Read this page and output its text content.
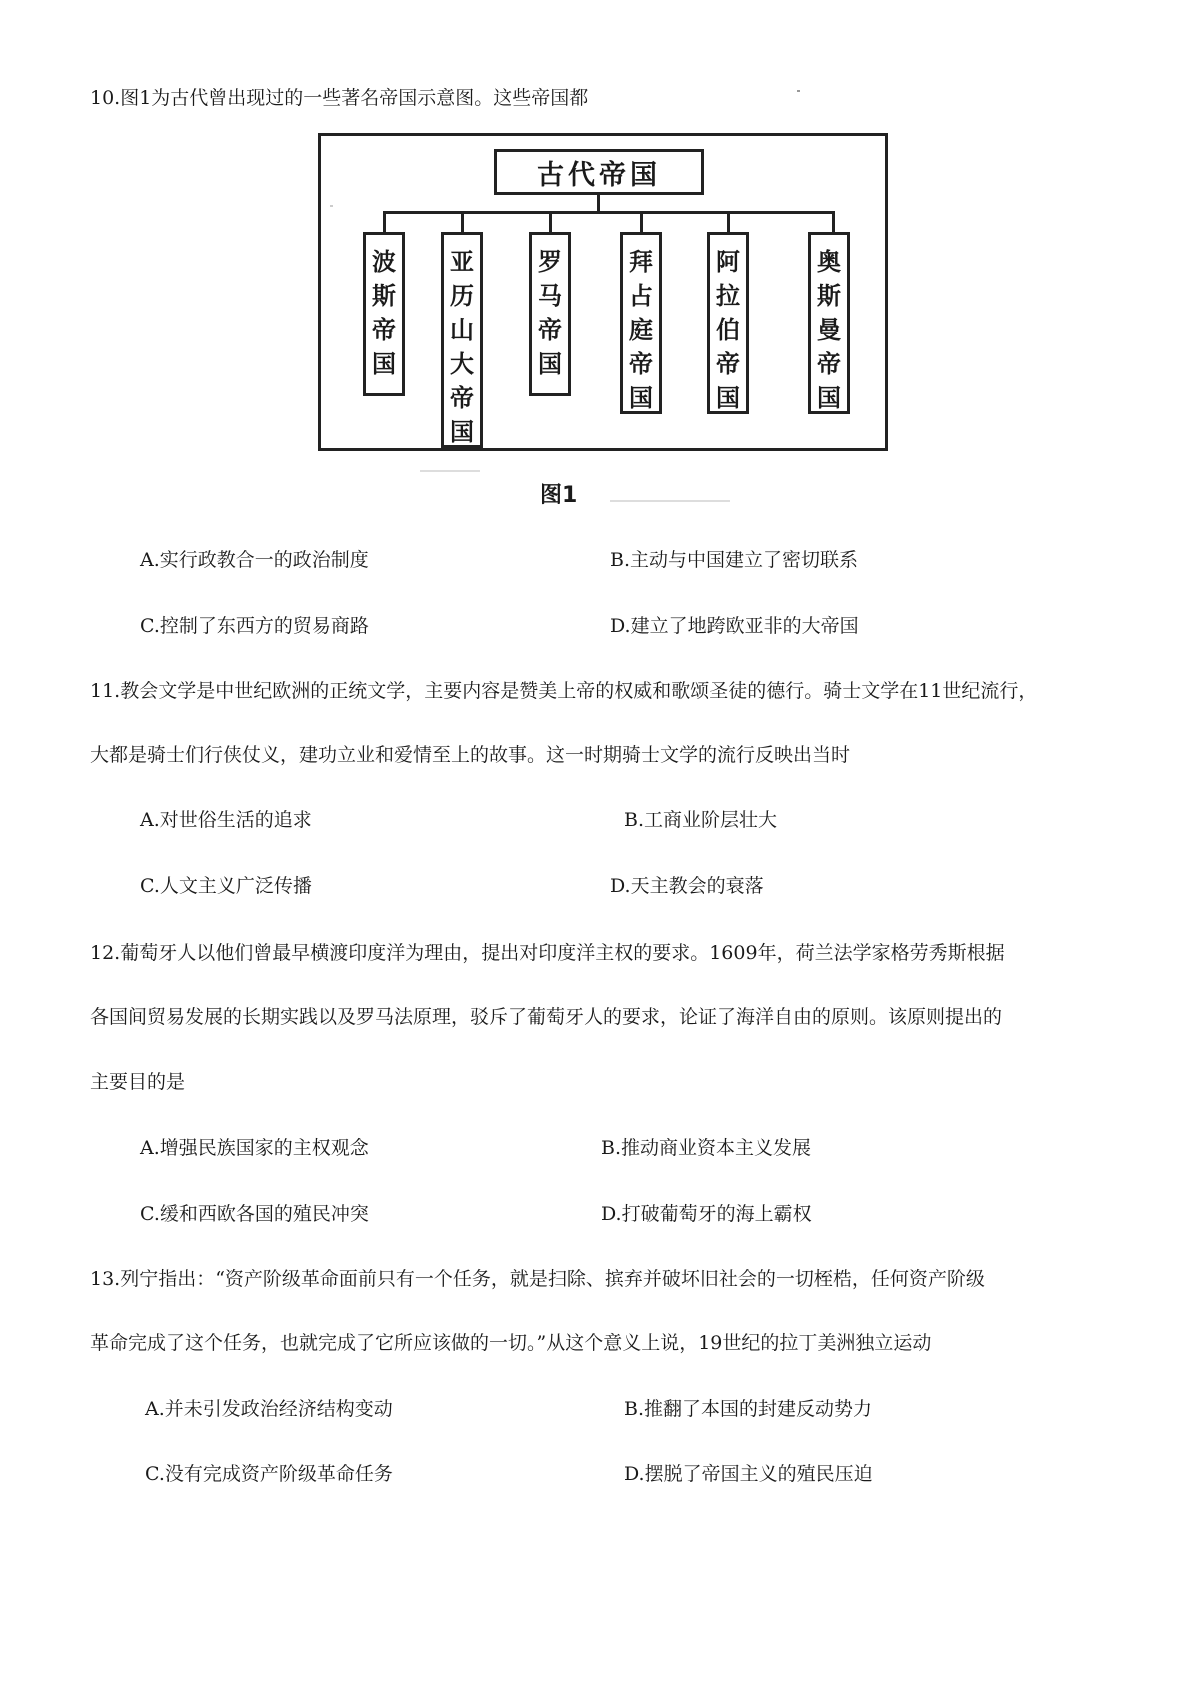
10.图1为古代曾出现过的一些著名帝国示意图。这些帝国都
古代帝国
波斯帝国
亚历山大帝国
罗马帝国
拜占庭帝国
阿拉伯帝国
奥斯曼帝国
图1
A.实行政教合一的政治制度	B.主动与中国建立了密切联系
C.控制了东西方的贸易商路	D.建立了地跨欧亚非的大帝国
11.教会文学是中世纪欧洲的正统文学，主要内容是赞美上帝的权威和歌颂圣徒的德行。骑士文学在11世纪流行，
大都是骑士们行侠仗义，建功立业和爱情至上的故事。这一时期骑士文学的流行反映出当时
A.对世俗生活的追求	B.工商业阶层壮大
C.人文主义广泛传播	D.天主教会的衰落
12.葡萄牙人以他们曾最早横渡印度洋为理由，提出对印度洋主权的要求。1609年，荷兰法学家格劳秀斯根据
各国间贸易发展的长期实践以及罗马法原理，驳斥了葡萄牙人的要求，论证了海洋自由的原则。该原则提出的
主要目的是
A.增强民族国家的主权观念	B.推动商业资本主义发展
C.缓和西欧各国的殖民冲突	D.打破葡萄牙的海上霸权
13.列宁指出：“资产阶级革命面前只有一个任务，就是扫除、摈弃并破坏旧社会的一切桎梏，任何资产阶级
革命完成了这个任务，也就完成了它所应该做的一切。”从这个意义上说，19世纪的拉丁美洲独立运动
A.并未引发政治经济结构变动	B.推翻了本国的封建反动势力
C.没有完成资产阶级革命任务	D.摆脱了帝国主义的殖民压迫
